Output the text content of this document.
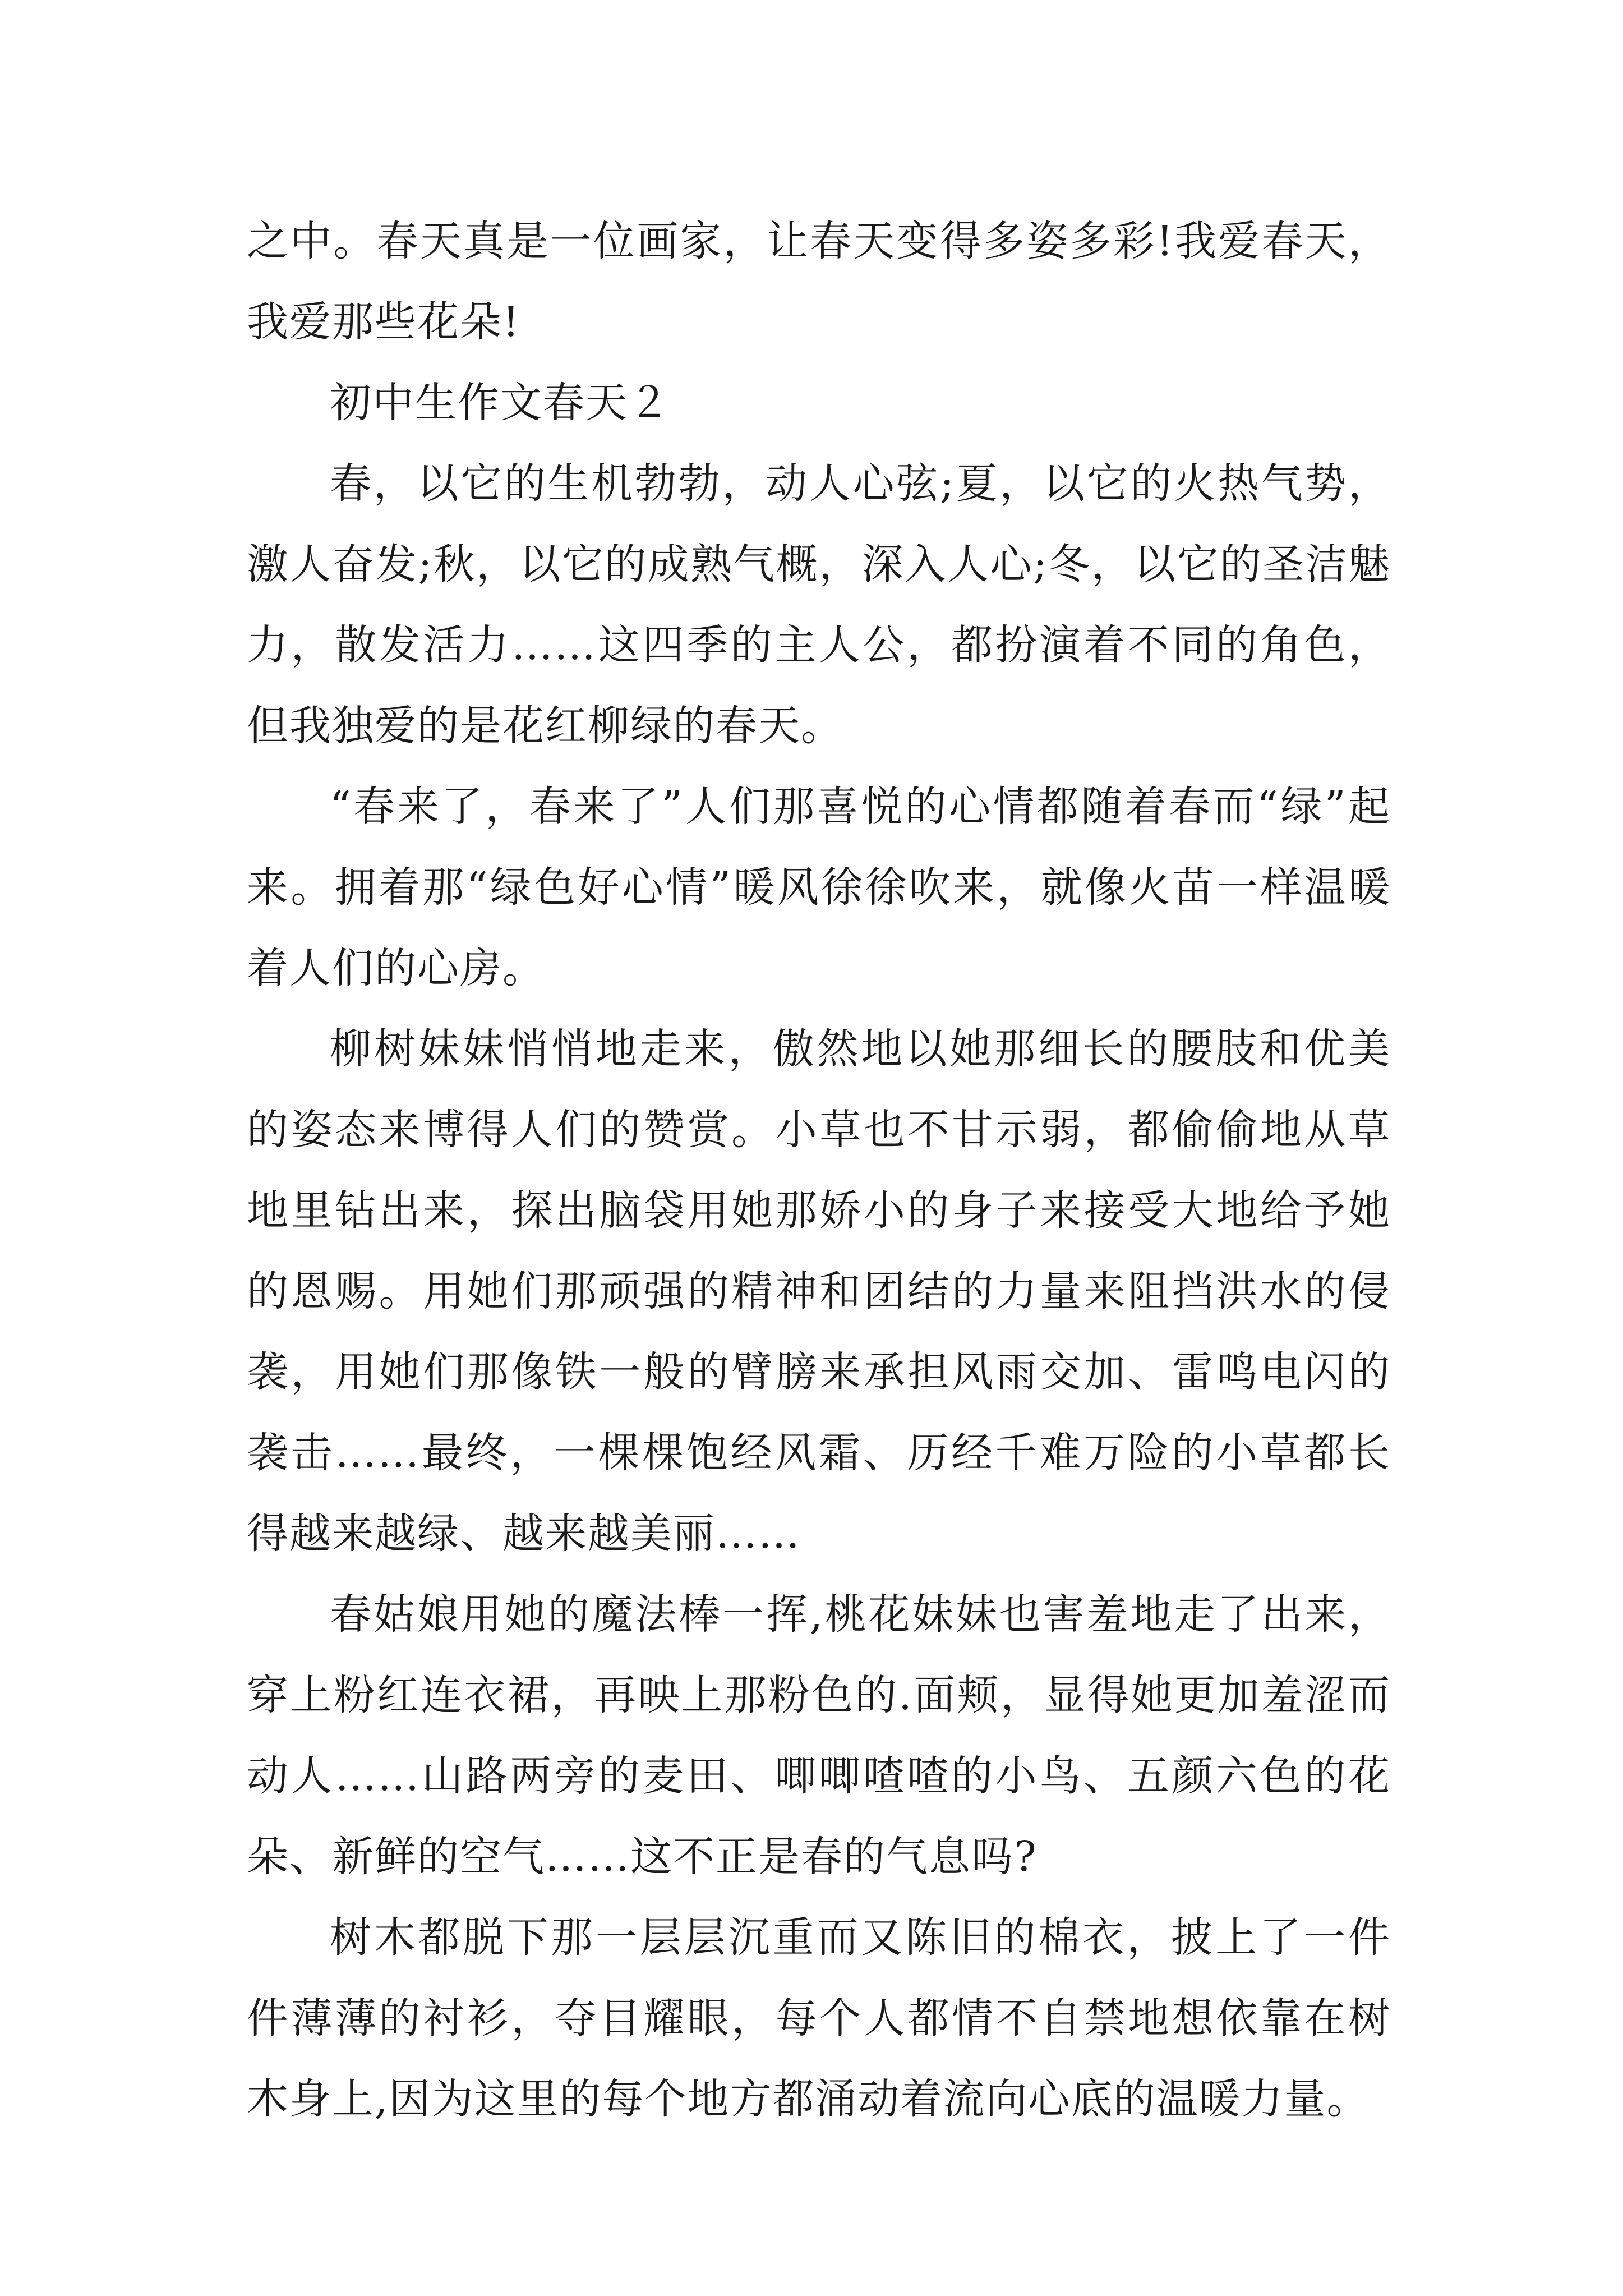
之中。春天真是一位画家，让春天变得多姿多彩!我爱春天，我爱那些花朵!

初中生作文春天２

春，以它的生机勃勃，动人心弦;夏，以它的火热气势，激人奋发;秋，以它的成熟气概，深入人心;冬，以它的圣洁魅力，散发活力……这四季的主人公，都扮演着不同的角色，但我独爱的是花红柳绿的春天。

“春来了，春来了”人们那喜悦的心情都随着春而“绿”起来。拥着那“绿色好心情”暖风徐徐吹来，就像火苗一样温暖着人们的心房。

柳树妹妹悄悄地走来，傲然地以她那细长的腰肢和优美的姿态来博得人们的赞赏。小草也不甘示弱，都偷偷地从草地里钻出来，探出脑袋用她那娇小的身子来接受大地给予她的恩赐。用她们那顽强的精神和团结的力量来阻挡洪水的侵袭，用她们那像铁一般的臂膀来承担风雨交加、雷鸣电闪的袭击……最终，一棵棵饱经风霜、历经千难万险的小草都长得越来越绿、越来越美丽……

春姑娘用她的魔法棒一挥,桃花妹妹也害羞地走了出来，穿上粉红连衣裙，再映上那粉色的.面颊，显得她更加羞涩而动人……山路两旁的麦田、唧唧喳喳的小鸟、五颜六色的花朵、新鲜的空气……这不正是春的气息吗?

树木都脱下那一层层沉重而又陈旧的棉衣，披上了一件件薄薄的衬衫，夺目耀眼，每个人都情不自禁地想依靠在树木身上,因为这里的每个地方都涌动着流向心底的温暖力量。
